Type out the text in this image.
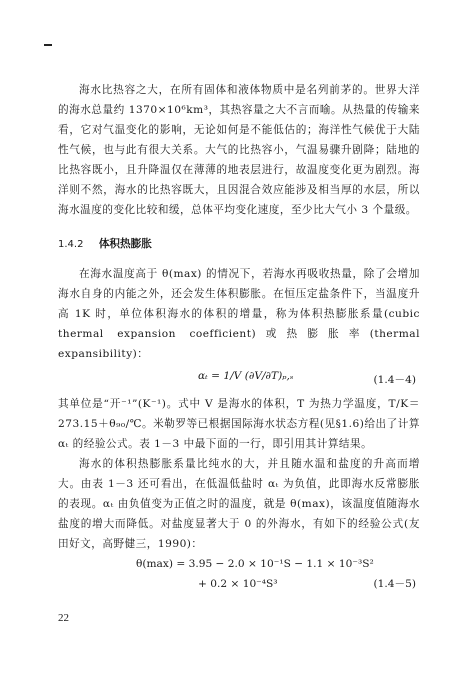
海水比热容之大，在所有固体和液体物质中是名列前茅的。世界大洋的海水总量约 1370×10⁶km³，其热容量之大不言而喻。从热量的传输来看，它对气温变化的影响，无论如何是不能低估的；海洋性气候优于大陆性气候，也与此有很大关系。大气的比热容小，气温易骤升剧降；陆地的比热容既小，且升降温仅在薄薄的地表层进行，故温度变化更为剧烈。海洋则不然，海水的比热容既大，且因混合效应能涉及相当厚的水层，所以海水温度的变化比较和缓，总体平均变化速度，至少比大气小 3 个量级。

1.4.2 体积热膨胀

在海水温度高于 θ(max) 的情况下，若海水再吸收热量，除了会增加海水自身的内能之外，还会发生体积膨胀。在恒压定盐条件下，当温度升高 1K 时，单位体积海水的体积的增量，称为体积热膨胀系量(cubic thermal expansion coefficient)或热膨胀率(thermal expansibility)：

αₜ = 1/V (∂V/∂T)ₚ,ₛ	(1.4－4)

其单位是“开⁻¹”(K⁻¹)。式中 V 是海水的体积，T 为热力学温度，T/K＝273.15＋θ₉₀/℃。米勒罗等已根据国际海水状态方程(见§1.6)给出了计算 αₜ 的经验公式。表 1－3 中最下面的一行，即引用其计算结果。

海水的体积热膨胀系量比纯水的大，并且随水温和盐度的升高而增大。由表 1－3 还可看出，在低温低盐时 αₜ 为负值，此即海水反常膨胀的表现。αₜ 由负值变为正值之时的温度，就是 θ(max)，该温度值随海水盐度的增大而降低。对盐度显著大于 0 的外海水，有如下的经验公式(友田好文，高野健三，1990)：

θ(max) = 3.95 − 2.0 × 10⁻¹S − 1.1 × 10⁻³S²
+ 0.2 × 10⁻⁴S³	(1.4－5)
22
